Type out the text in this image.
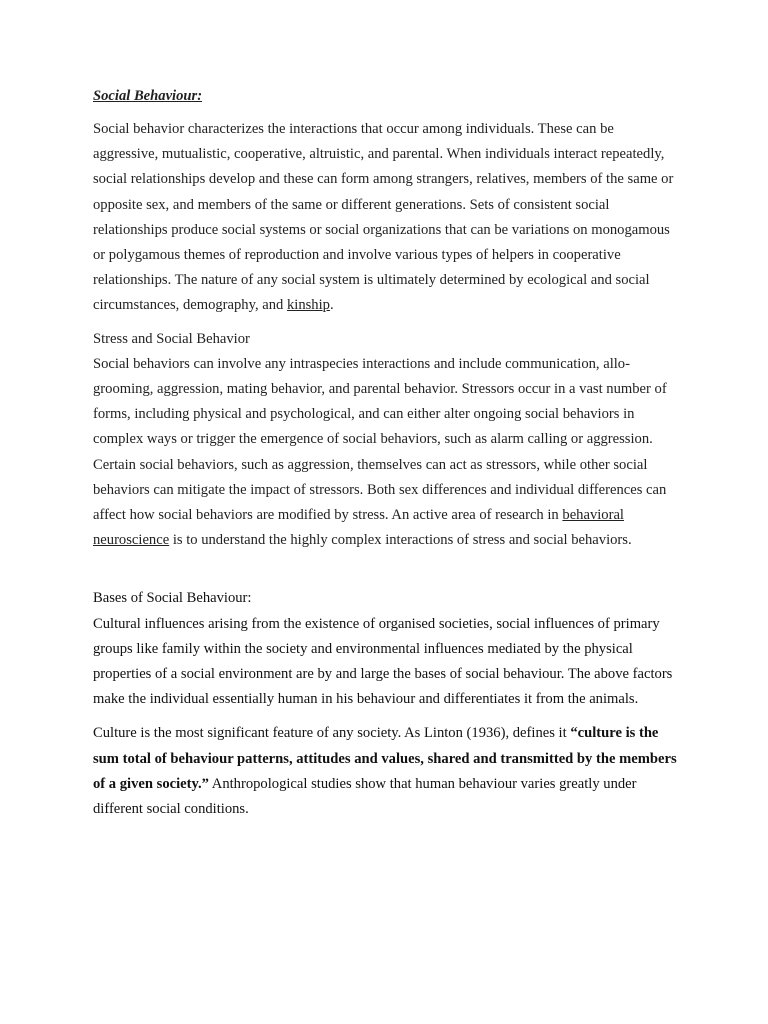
Social Behaviour:

Social behavior characterizes the interactions that occur among individuals. These can be aggressive, mutualistic, cooperative, altruistic, and parental. When individuals interact repeatedly, social relationships develop and these can form among strangers, relatives, members of the same or opposite sex, and members of the same or different generations. Sets of consistent social relationships produce social systems or social organizations that can be variations on monogamous or polygamous themes of reproduction and involve various types of helpers in cooperative relationships. The nature of any social system is ultimately determined by ecological and social circumstances, demography, and kinship.

Stress and Social Behavior

Social behaviors can involve any intraspecies interactions and include communication, allo-grooming, aggression, mating behavior, and parental behavior. Stressors occur in a vast number of forms, including physical and psychological, and can either alter ongoing social behaviors in complex ways or trigger the emergence of social behaviors, such as alarm calling or aggression. Certain social behaviors, such as aggression, themselves can act as stressors, while other social behaviors can mitigate the impact of stressors. Both sex differences and individual differences can affect how social behaviors are modified by stress. An active area of research in behavioral neuroscience is to understand the highly complex interactions of stress and social behaviors.

Bases of Social Behaviour:

Cultural influences arising from the existence of organised societies, social influences of primary groups like family within the society and environmental influences mediated by the physical properties of a social environment are by and large the bases of social behaviour. The above factors make the individual essentially human in his behaviour and differentiates it from the animals.

Culture is the most significant feature of any society. As Linton (1936), defines it “culture is the sum total of behaviour patterns, attitudes and values, shared and transmitted by the members of a given society.” Anthropological studies show that human behaviour varies greatly under different social conditions.
